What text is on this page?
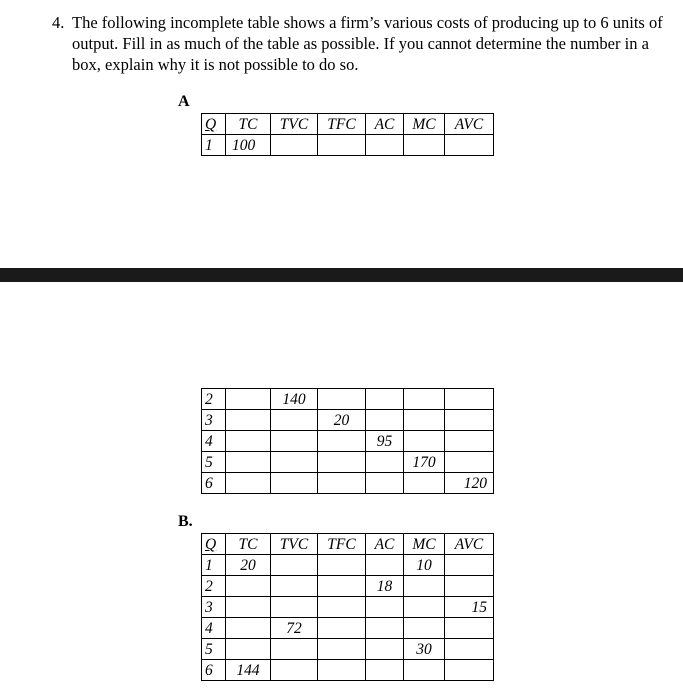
4. The following incomplete table shows a firm’s various costs of producing up to 6 units of output. Fill in as much of the table as possible. If you cannot determine the number in a box, explain why it is not possible to do so.
A
Q	TC	TVC	TFC	AC	MC	AVC
1	100					
2		140				
3			20			
4				95		
5					170	
6						120
B.
Q	TC	TVC	TFC	AC	MC	AVC
1	20				10	
2				18		
3						15
4		72				
5					30	
6	144					
